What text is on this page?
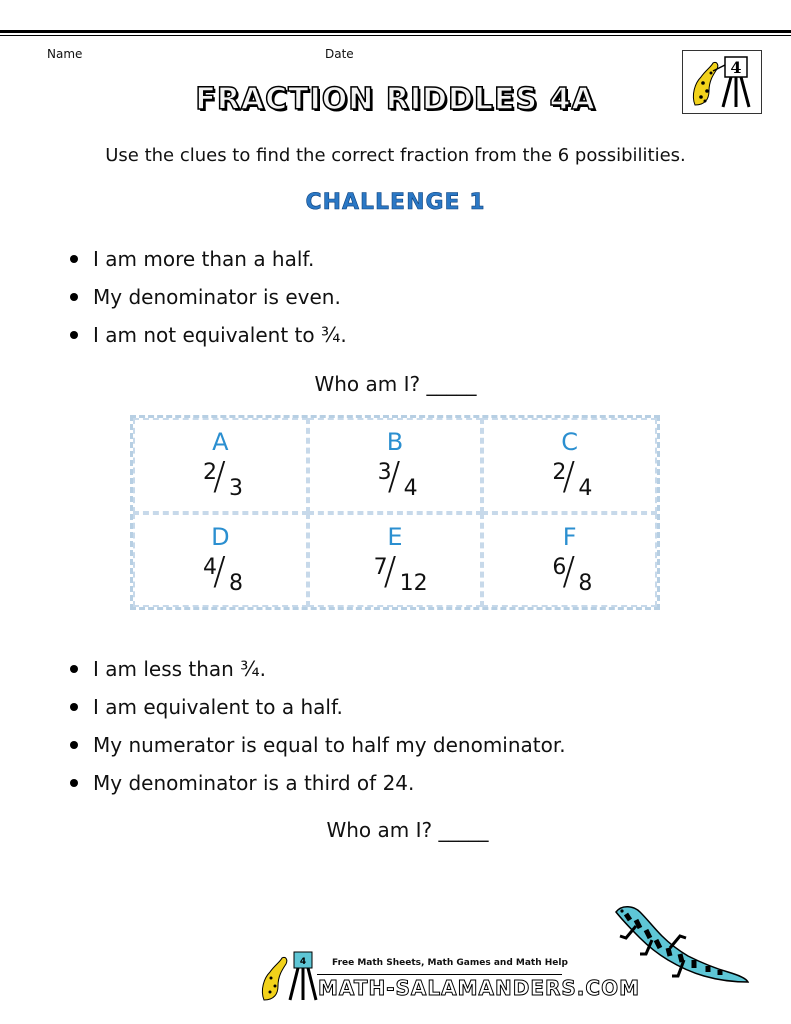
Name	Date
4
FRACTION RIDDLES 4A
Use the clues to find the correct fraction from the 6 possibilities.
CHALLENGE 1
I am more than a half.
My denominator is even.
I am not equivalent to ¾.
Who am I? _____
A
2
/ 3
B
3
/ 4
C
2
/ 4
D
4
/ 8
E
7
/ 12
F
6
/ 8
I am less than ¾.
I am equivalent to a half.
My numerator is equal to half my denominator.
My denominator is a third of 24.
Who am I? _____
4	Free Math Sheets, Math Games and Math Help
MATH-SALAMANDERS.COM
